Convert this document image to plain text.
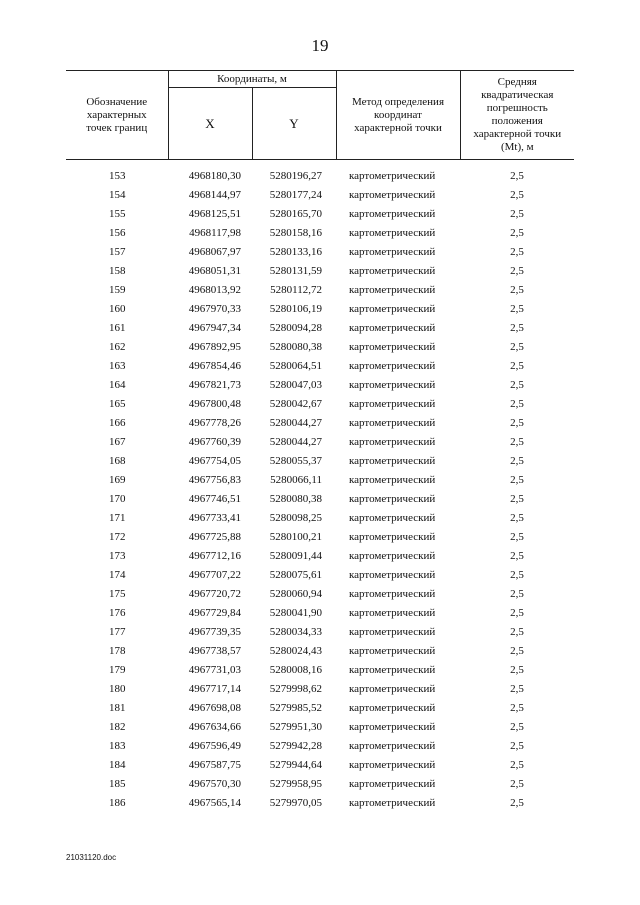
19
Обозначение характерных точек границ	Координаты, м		Метод определения координат характерной точки	Средняя квадратическая погрешность положения характерной точки (Mt), м
	X	Y		
153	4968180,30	5280196,27	картометрический	2,5
154	4968144,97	5280177,24	картометрический	2,5
155	4968125,51	5280165,70	картометрический	2,5
156	4968117,98	5280158,16	картометрический	2,5
157	4968067,97	5280133,16	картометрический	2,5
158	4968051,31	5280131,59	картометрический	2,5
159	4968013,92	5280112,72	картометрический	2,5
160	4967970,33	5280106,19	картометрический	2,5
161	4967947,34	5280094,28	картометрический	2,5
162	4967892,95	5280080,38	картометрический	2,5
163	4967854,46	5280064,51	картометрический	2,5
164	4967821,73	5280047,03	картометрический	2,5
165	4967800,48	5280042,67	картометрический	2,5
166	4967778,26	5280044,27	картометрический	2,5
167	4967760,39	5280044,27	картометрический	2,5
168	4967754,05	5280055,37	картометрический	2,5
169	4967756,83	5280066,11	картометрический	2,5
170	4967746,51	5280080,38	картометрический	2,5
171	4967733,41	5280098,25	картометрический	2,5
172	4967725,88	5280100,21	картометрический	2,5
173	4967712,16	5280091,44	картометрический	2,5
174	4967707,22	5280075,61	картометрический	2,5
175	4967720,72	5280060,94	картометрический	2,5
176	4967729,84	5280041,90	картометрический	2,5
177	4967739,35	5280034,33	картометрический	2,5
178	4967738,57	5280024,43	картометрический	2,5
179	4967731,03	5280008,16	картометрический	2,5
180	4967717,14	5279998,62	картометрический	2,5
181	4967698,08	5279985,52	картометрический	2,5
182	4967634,66	5279951,30	картометрический	2,5
183	4967596,49	5279942,28	картометрический	2,5
184	4967587,75	5279944,64	картометрический	2,5
185	4967570,30	5279958,95	картометрический	2,5
186	4967565,14	5279970,05	картометрический	2,5
21031120.doc
